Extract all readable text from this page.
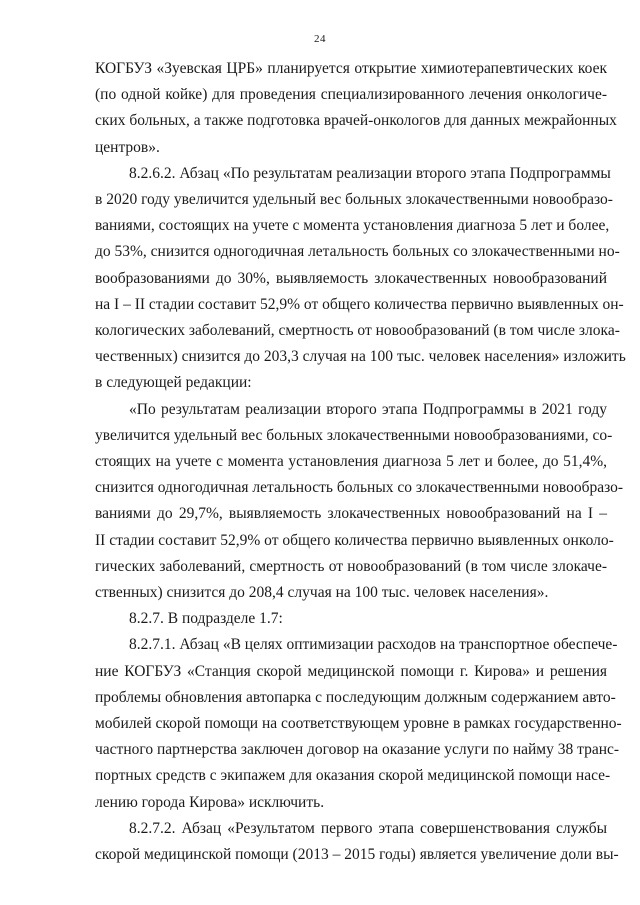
24
КОГБУЗ «Зуевская ЦРБ» планируется открытие химиотерапевтических коек
(по одной койке) для проведения специализированного лечения онкологиче-
ских больных, а также подготовка врачей-онкологов для данных межрайонных
центров».
8.2.6.2. Абзац «По результатам реализации второго этапа Подпрограммы
в 2020 году увеличится удельный вес больных злокачественными новообразо-
ваниями, состоящих на учете с момента установления диагноза 5 лет и более,
до 53%, снизится одногодичная летальность больных со злокачественными но-
вообразованиями до 30%, выявляемость злокачественных новообразований
на I – II стадии составит 52,9% от общего количества первично выявленных он-
кологических заболеваний, смертность от новообразований (в том числе злока-
чественных) снизится до 203,3 случая на 100 тыс. человек населения» изложить
в следующей редакции:
«По результатам реализации второго этапа Подпрограммы в 2021 году
увеличится удельный вес больных злокачественными новообразованиями, со-
стоящих на учете с момента установления диагноза 5 лет и более, до 51,4%,
снизится одногодичная летальность больных со злокачественными новообразо-
ваниями до 29,7%, выявляемость злокачественных новообразований на I –
II стадии составит 52,9% от общего количества первично выявленных онколо-
гических заболеваний, смертность от новообразований (в том числе злокаче-
ственных) снизится до 208,4 случая на 100 тыс. человек населения».
8.2.7. В подразделе 1.7:
8.2.7.1. Абзац «В целях оптимизации расходов на транспортное обеспече-
ние КОГБУЗ «Станция скорой медицинской помощи г. Кирова» и решения
проблемы обновления автопарка с последующим должным содержанием авто-
мобилей скорой помощи на соответствующем уровне в рамках государственно-
частного партнерства заключен договор на оказание услуги по найму 38 транс-
портных средств с экипажем для оказания скорой медицинской помощи насе-
лению города Кирова» исключить.
8.2.7.2. Абзац «Результатом первого этапа совершенствования службы
скорой медицинской помощи (2013 – 2015 годы) является увеличение доли вы-
